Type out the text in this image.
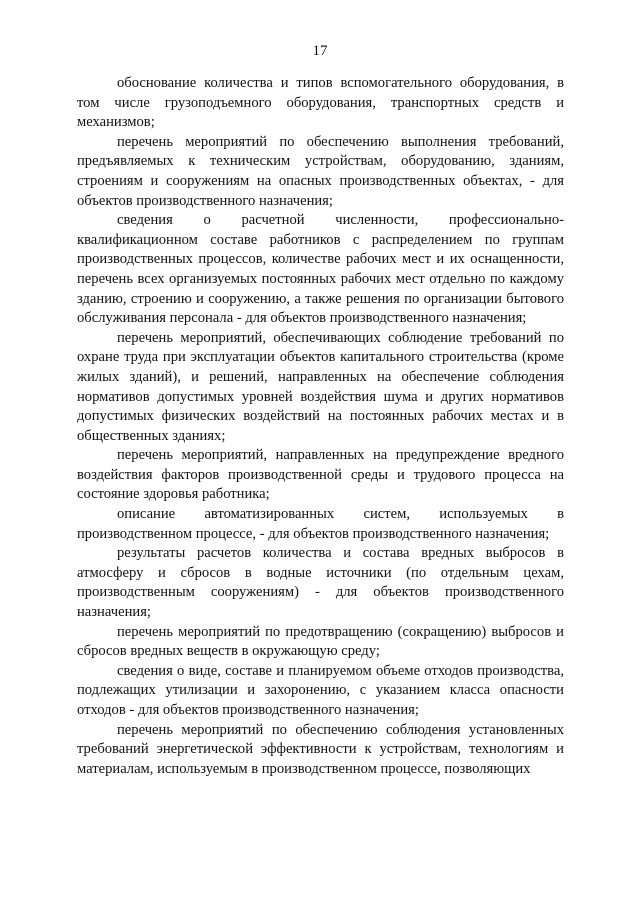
17

обоснование количества и типов вспомогательного оборудования, в том числе грузоподъемного оборудования, транспортных средств и механизмов;

перечень мероприятий по обеспечению выполнения требований, предъявляемых к техническим устройствам, оборудованию, зданиям, строениям и сооружениям на опасных производственных объектах, - для объектов производственного назначения;

сведения о расчетной численности, профессионально-квалификационном составе работников с распределением по группам производственных процессов, количестве рабочих мест и их оснащенности, перечень всех организуемых постоянных рабочих мест отдельно по каждому зданию, строению и сооружению, а также решения по организации бытового обслуживания персонала - для объектов производственного назначения;

перечень мероприятий, обеспечивающих соблюдение требований по охране труда при эксплуатации объектов капитального строительства (кроме жилых зданий), и решений, направленных на обеспечение соблюдения нормативов допустимых уровней воздействия шума и других нормативов допустимых физических воздействий на постоянных рабочих местах и в общественных зданиях;

перечень мероприятий, направленных на предупреждение вредного воздействия факторов производственной среды и трудового процесса на состояние здоровья работника;

описание автоматизированных систем, используемых в производственном процессе, - для объектов производственного назначения;

результаты расчетов количества и состава вредных выбросов в атмосферу и сбросов в водные источники (по отдельным цехам, производственным сооружениям) - для объектов производственного назначения;

перечень мероприятий по предотвращению (сокращению) выбросов и сбросов вредных веществ в окружающую среду;

сведения о виде, составе и планируемом объеме отходов производства, подлежащих утилизации и захоронению, с указанием класса опасности отходов - для объектов производственного назначения;

перечень мероприятий по обеспечению соблюдения установленных требований энергетической эффективности к устройствам, технологиям и материалам, используемым в производственном процессе, позволяющих
